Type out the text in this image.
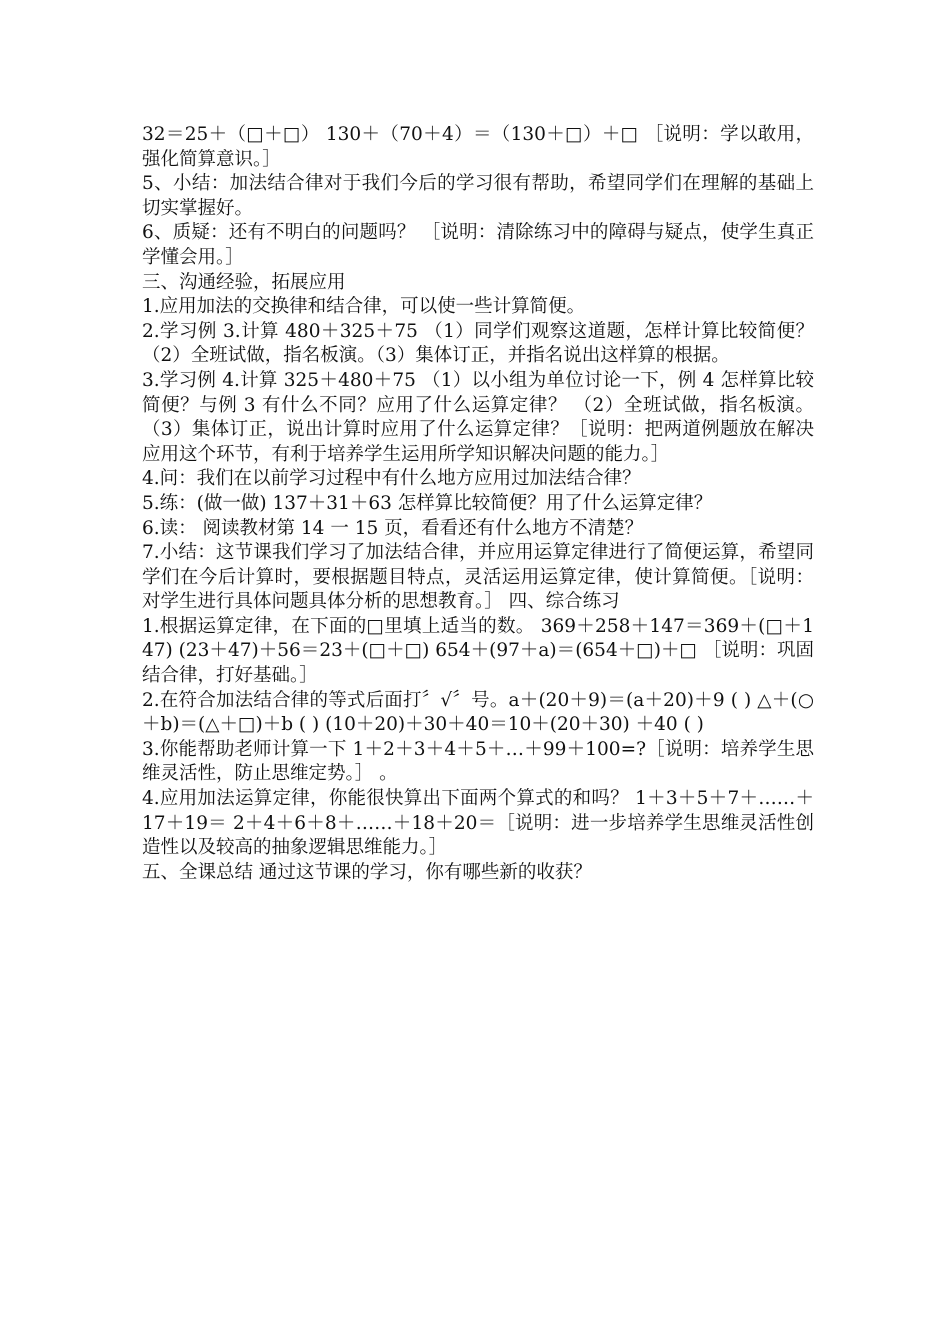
32＝25＋（□＋□） 130＋（70＋4）＝（130＋□）＋□ ［说明：学以敢用，强化简算意识。］

5、小结：加法结合律对于我们今后的学习很有帮助，希望同学们在理解的基础上切实掌握好。

6、质疑：还有不明白的问题吗？ ［说明：清除练习中的障碍与疑点，使学生真正学懂会用。］

三、沟通经验，拓展应用

1.应用加法的交换律和结合律，可以使一些计算简便。

2.学习例 3.计算 480＋325＋75 （1）同学们观察这道题，怎样计算比较简便？ （2）全班试做，指名板演。（3）集体订正，并指名说出这样算的根据。

3.学习例 4.计算 325＋480＋75 （1）以小组为单位讨论一下，例 4 怎样算比较简便？与例 3 有什么不同？应用了什么运算定律？ （2）全班试做，指名板演。（3）集体订正，说出计算时应用了什么运算定律？［说明：把两道例题放在解决应用这个环节，有利于培养学生运用所学知识解决问题的能力。］

4.问：我们在以前学习过程中有什么地方应用过加法结合律？

5.练：(做一做) 137＋31＋63 怎样算比较简便？用了什么运算定律？

6.读： 阅读教材第 14 一 15 页，看看还有什么地方不清楚？

7.小结：这节课我们学习了加法结合律，并应用运算定律进行了简便运算，希望同学们在今后计算时，要根据题目特点，灵活运用运算定律，使计算简便。［说明：对学生进行具体问题具体分析的思想教育。］ 四、综合练习

1.根据运算定律，在下面的□里填上适当的数。 369＋258＋147＝369＋(□＋147) (23＋47)＋56＝23＋(□＋□) 654＋(97＋a)＝(654＋□)＋□ ［说明：巩固结合律，打好基础。］

2.在符合加法结合律的等式后面打〞√〞号。a＋(20＋9)＝(a＋20)＋9 ( ) △＋(○＋b)＝(△＋□)＋b ( ) (10＋20)＋30＋40＝10＋(20＋30) ＋40 ( )

3.你能帮助老师计算一下 1＋2＋3＋4＋5＋…＋99＋100=?［说明：培养学生思维灵活性，防止思维定势。］ 。

4.应用加法运算定律，你能很快算出下面两个算式的和吗？ 1＋3＋5＋7＋……＋17＋19＝ 2＋4＋6＋8＋……＋18＋20＝［说明：进一步培养学生思维灵活性创造性以及较高的抽象逻辑思维能力。］

五、全课总结 通过这节课的学习，你有哪些新的收获？
